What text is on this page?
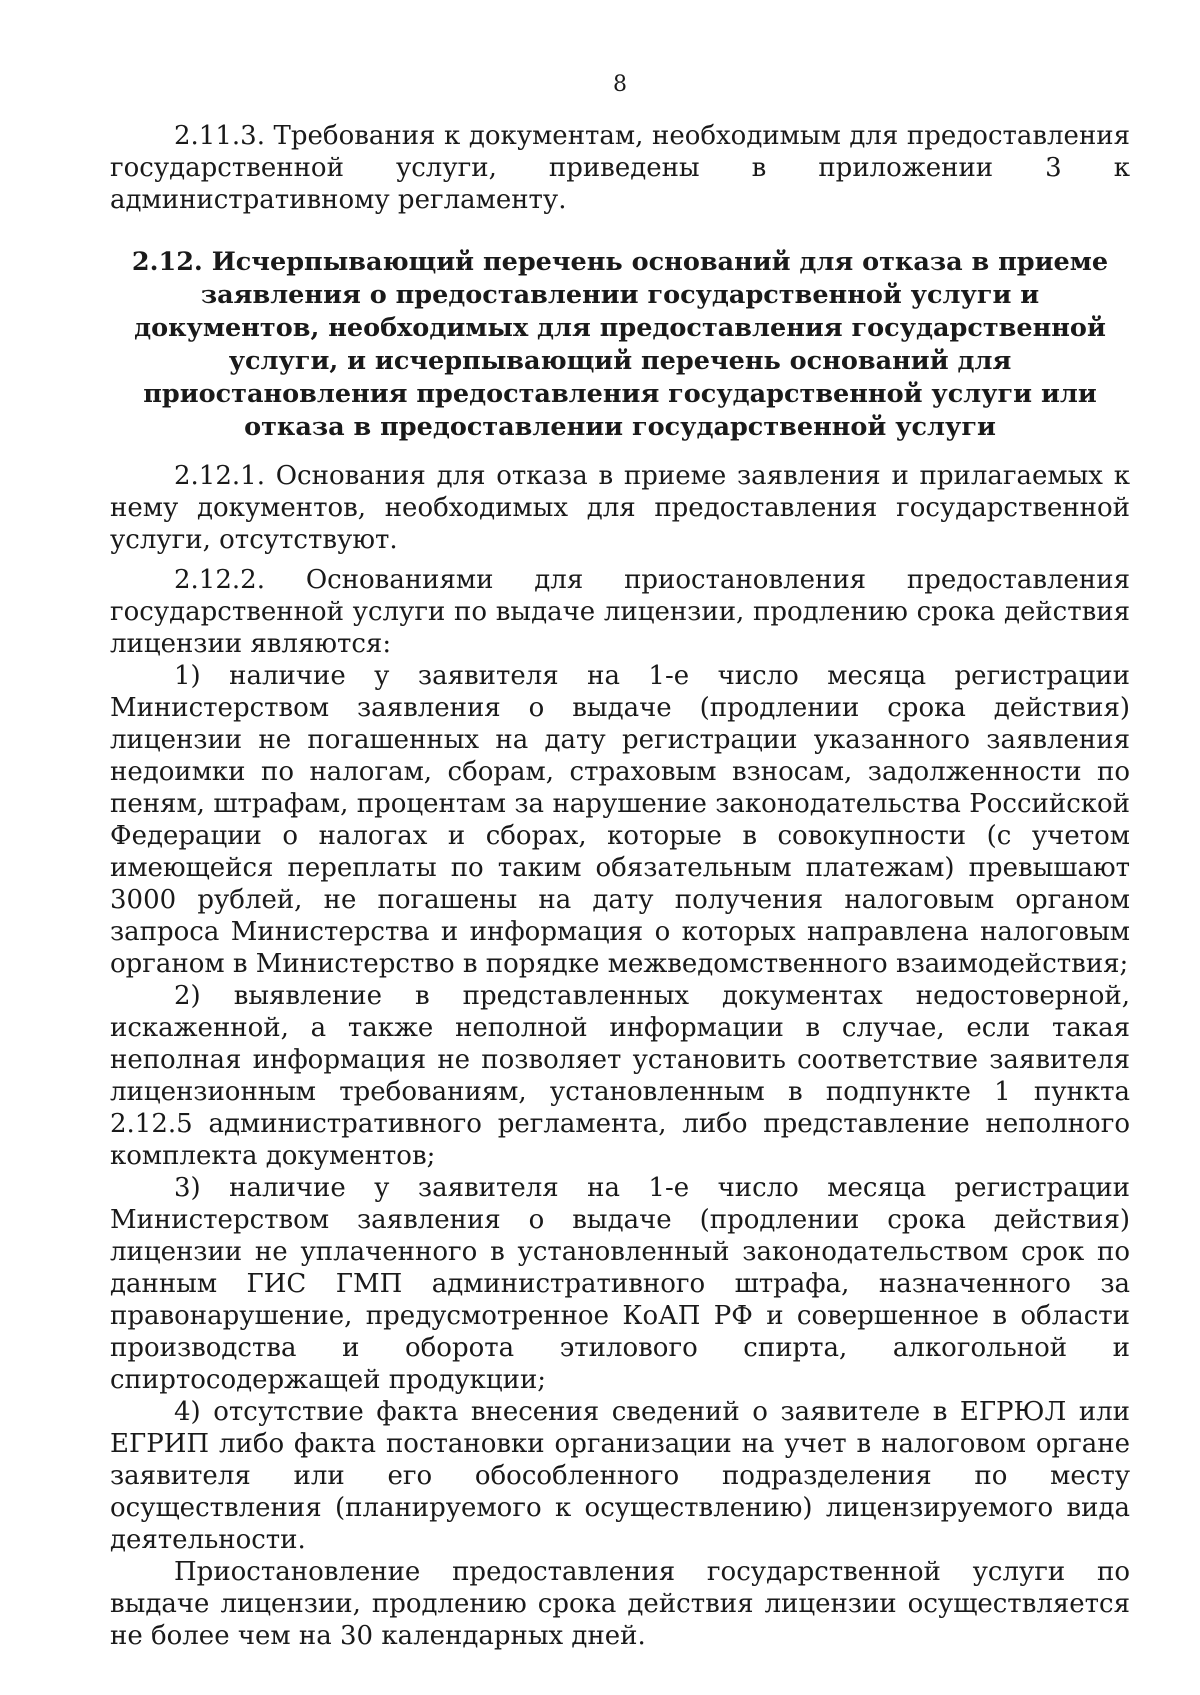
8

2.11.3. Требования к документам, необходимым для предоставления государственной услуги, приведены в приложении 3 к административному регламенту.

2.12. Исчерпывающий перечень оснований для отказа в приеме заявления о предоставлении государственной услуги и документов, необходимых для предоставления государственной услуги, и исчерпывающий перечень оснований для приостановления предоставления государственной услуги или отказа в предоставлении государственной услуги

2.12.1. Основания для отказа в приеме заявления и прилагаемых к нему документов, необходимых для предоставления государственной услуги, отсутствуют.

2.12.2. Основаниями для приостановления предоставления государственной услуги по выдаче лицензии, продлению срока действия лицензии являются:

1) наличие у заявителя на 1-е число месяца регистрации Министерством заявления о выдаче (продлении срока действия) лицензии не погашенных на дату регистрации указанного заявления недоимки по налогам, сборам, страховым взносам, задолженности по пеням, штрафам, процентам за нарушение законодательства Российской Федерации о налогах и сборах, которые в совокупности (с учетом имеющейся переплаты по таким обязательным платежам) превышают 3000 рублей, не погашены на дату получения налоговым органом запроса Министерства и информация о которых направлена налоговым органом в Министерство в порядке межведомственного взаимодействия;

2) выявление в представленных документах недостоверной, искаженной, а также неполной информации в случае, если такая неполная информация не позволяет установить соответствие заявителя лицензионным требованиям, установленным в подпункте 1 пункта 2.12.5 административного регламента, либо представление неполного комплекта документов;

3) наличие у заявителя на 1-е число месяца регистрации Министерством заявления о выдаче (продлении срока действия) лицензии не уплаченного в установленный законодательством срок по данным ГИС ГМП административного штрафа, назначенного за правонарушение, предусмотренное КоАП РФ и совершенное в области производства и оборота этилового спирта, алкогольной и спиртосодержащей продукции;

4) отсутствие факта внесения сведений о заявителе в ЕГРЮЛ или ЕГРИП либо факта постановки организации на учет в налоговом органе заявителя или его обособленного подразделения по месту осуществления (планируемого к осуществлению) лицензируемого вида деятельности.

Приостановление предоставления государственной услуги по выдаче лицензии, продлению срока действия лицензии осуществляется не более чем на 30 календарных дней.
